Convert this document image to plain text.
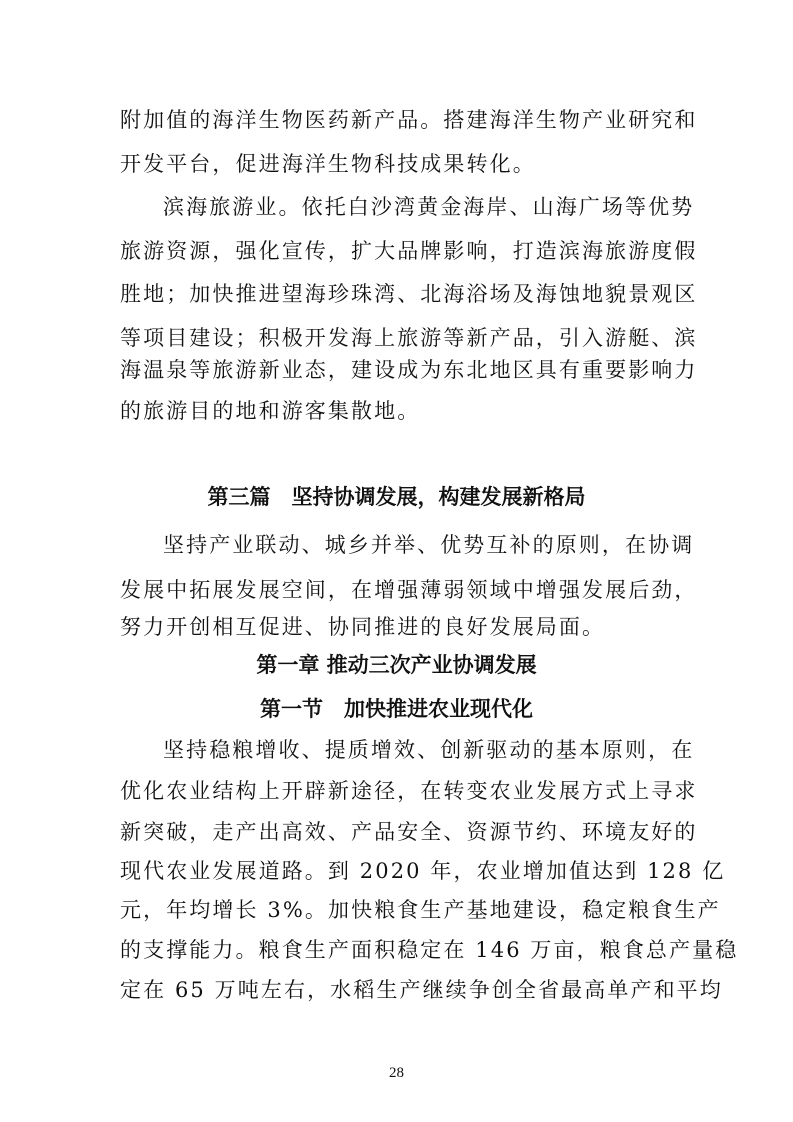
附加值的海洋生物医药新产品。搭建海洋生物产业研究和
开发平台，促进海洋生物科技成果转化。
滨海旅游业。依托白沙湾黄金海岸、山海广场等优势
旅游资源，强化宣传，扩大品牌影响，打造滨海旅游度假
胜地；加快推进望海珍珠湾、北海浴场及海蚀地貌景观区
等项目建设；积极开发海上旅游等新产品，引入游艇、滨
海温泉等旅游新业态，建设成为东北地区具有重要影响力
的旅游目的地和游客集散地。
第三篇　坚持协调发展，构建发展新格局
坚持产业联动、城乡并举、优势互补的原则，在协调
发展中拓展发展空间，在增强薄弱领域中增强发展后劲，
努力开创相互促进、协同推进的良好发展局面。
第一章 推动三次产业协调发展
第一节　加快推进农业现代化
坚持稳粮增收、提质增效、创新驱动的基本原则，在
优化农业结构上开辟新途径，在转变农业发展方式上寻求
新突破，走产出高效、产品安全、资源节约、环境友好的
现代农业发展道路。到 2020 年，农业增加值达到 128 亿
元，年均增长 3%。加快粮食生产基地建设，稳定粮食生产
的支撑能力。粮食生产面积稳定在 146 万亩，粮食总产量稳
定在 65 万吨左右，水稻生产继续争创全省最高单产和平均
28
